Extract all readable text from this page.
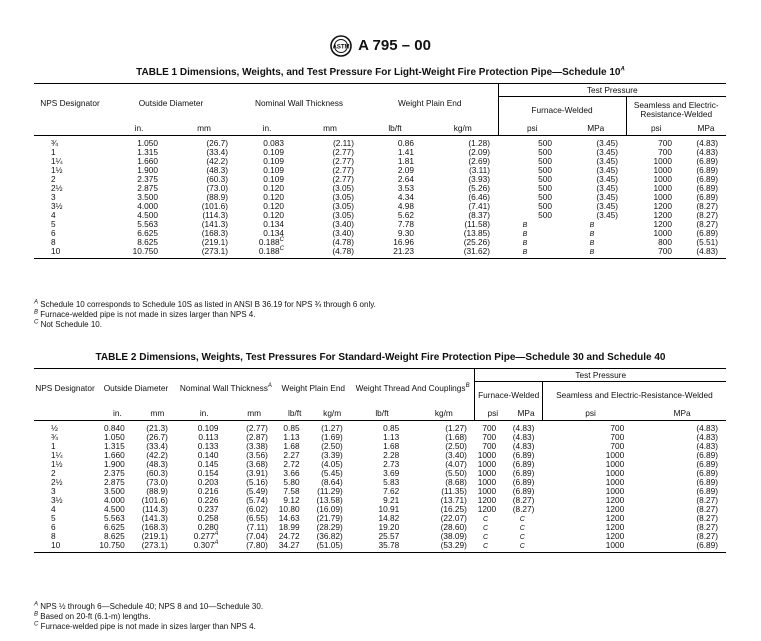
ASTM A 795 – 00
TABLE 1 Dimensions, Weights, and Test Pressure For Light-Weight Fire Protection Pipe—Schedule $10^A$
NPS Designator	Outside Diameter		Nominal Wall Thickness		Weight Plain End		Test Pressure			
							Furnace-Welded		Seamless and Electric-Resistance-Welded	
	in.	mm	in.	mm	lb/ft	kg/m	psi	MPa	psi	MPa
¾	1.050	(26.7)	0.083	(2.11)	0.86	(1.28)	500	(3.45)	700	(4.83)
1	1.315	(33.4)	0.109	(2.77)	1.41	(2.09)	500	(3.45)	700	(4.83)
1¼	1.660	(42.2)	0.109	(2.77)	1.81	(2.69)	500	(3.45)	1000	(6.89)
1½	1.900	(48.3)	0.109	(2.77)	2.09	(3.11)	500	(3.45)	1000	(6.89)
2	2.375	(60.3)	0.109	(2.77)	2.64	(3.93)	500	(3.45)	1000	(6.89)
2½	2.875	(73.0)	0.120	(3.05)	3.53	(5.26)	500	(3.45)	1000	(6.89)
3	3.500	(88.9)	0.120	(3.05)	4.34	(6.46)	500	(3.45)	1000	(6.89)
3½	4.000	(101.6)	0.120	(3.05)	4.98	(7.41)	500	(3.45)	1200	(8.27)
4	4.500	(114.3)	0.120	(3.05)	5.62	(8.37)	500	(3.45)	1200	(8.27)
5	5.563	(141.3)	0.134	(3.40)	7.78	(11.58)	B	B	1200	(8.27)
6	6.625	(168.3)	0.134	(3.40)	9.30	(13.85)	B	B	1000	(6.89)
8	8.625	(219.1)	$0.188^C$	(4.78)	16.96	(25.26)	B	B	800	(5.51)
10	10.750	(273.1)	$0.188^C$	(4.78)	21.23	(31.62)	B	B	700	(4.83)
$^A$ Schedule 10 corresponds to Schedule 10S as listed in ANSI B 36.19 for NPS ¾ through 6 only.
$^B$ Furnace-welded pipe is not made in sizes larger than NPS 4.
$^C$ Not Schedule 10.
TABLE 2 Dimensions, Weights, Test Pressures For Standard-Weight Fire Protection Pipe—Schedule 30 and Schedule 40
NPS Designator	Outside Diameter		Nominal Wall Thickness$^A$		Weight Plain End		Weight Thread And Couplings$^B$		Test Pressure			
									Furnace-Welded		Seamless and Electric-Resistance-Welded	
	in.	mm	in.	mm	lb/ft	kg/m	lb/ft	kg/m	psi	MPa	psi	MPa
½	0.840	(21.3)	0.109	(2.77)	0.85	(1.27)	0.85	(1.27)	700	(4.83)	700	(4.83)
¾	1.050	(26.7)	0.113	(2.87)	1.13	(1.69)	1.13	(1.68)	700	(4.83)	700	(4.83)
1	1.315	(33.4)	0.133	(3.38)	1.68	(2.50)	1.68	(2.50)	700	(4.83)	700	(4.83)
1¼	1.660	(42.2)	0.140	(3.56)	2.27	(3.39)	2.28	(3.40)	1000	(6.89)	1000	(6.89)
1½	1.900	(48.3)	0.145	(3.68)	2.72	(4.05)	2.73	(4.07)	1000	(6.89)	1000	(6.89)
2	2.375	(60.3)	0.154	(3.91)	3.66	(5.45)	3.69	(5.50)	1000	(6.89)	1000	(6.89)
2½	2.875	(73.0)	0.203	(5.16)	5.80	(8.64)	5.83	(8.68)	1000	(6.89)	1000	(6.89)
3	3.500	(88.9)	0.216	(5.49)	7.58	(11.29)	7.62	(11.35)	1000	(6.89)	1000	(6.89)
3½	4.000	(101.6)	0.226	(5.74)	9.12	(13.58)	9.21	(13.71)	1200	(8.27)	1200	(8.27)
4	4.500	(114.3)	0.237	(6.02)	10.80	(16.09)	10.91	(16.25)	1200	(8.27)	1200	(8.27)
5	5.563	(141.3)	0.258	(6.55)	14.63	(21.79)	14.82	(22.07)	C	C	1200	(8.27)
6	6.625	(168.3)	0.280	(7.11)	18.99	(28.29)	19.20	(28.60)	C	C	1200	(8.27)
8	8.625	(219.1)	$0.277^A$	(7.04)	24.72	(36.82)	25.57	(38.09)	C	C	1200	(8.27)
10	10.750	(273.1)	$0.307^A$	(7.80)	34.27	(51.05)	35.78	(53.29)	C	C	1000	(6.89)
$^A$ NPS ½ through 6—Schedule 40; NPS 8 and 10—Schedule 30.
$^B$ Based on 20-ft (6.1-m) lengths.
$^C$ Furnace-welded pipe is not made in sizes larger than NPS 4.
